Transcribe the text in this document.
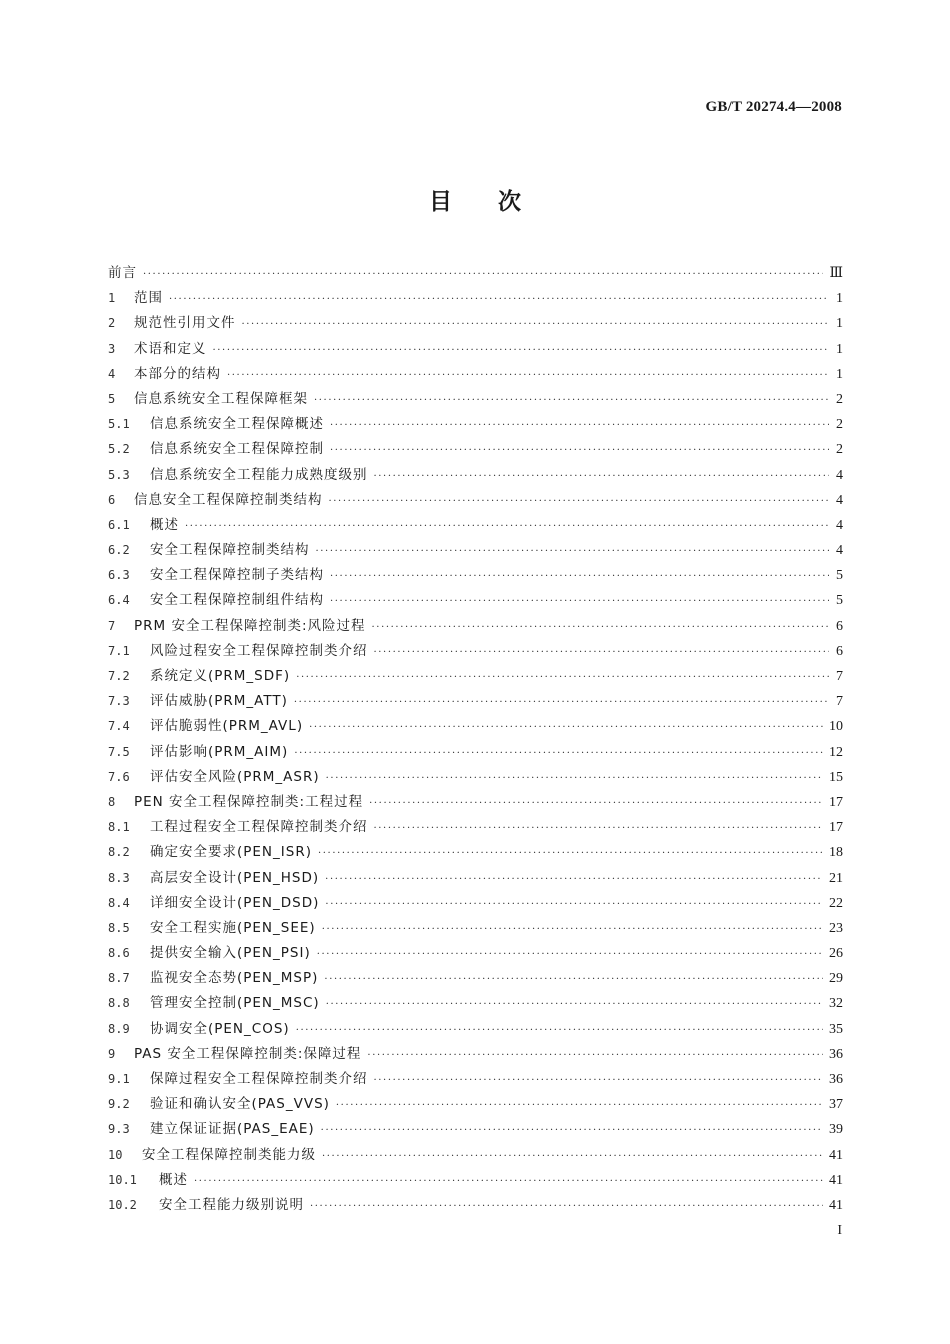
GB/T 20274.4—2008
目 次
前言 ·····	Ⅲ
1	范围 ·····	1
2	规范性引用文件 ·····	1
3	术语和定义 ·····	1
4	本部分的结构 ·····	1
5	信息系统安全工程保障框架 ·····	2
5.1	信息系统安全工程保障概述 ·····	2
5.2	信息系统安全工程保障控制 ·····	2
5.3	信息系统安全工程能力成熟度级别 ·····	4
6	信息安全工程保障控制类结构 ·····	4
6.1	概述 ·····	4
6.2	安全工程保障控制类结构 ·····	4
6.3	安全工程保障控制子类结构 ·····	5
6.4	安全工程保障控制组件结构 ·····	5
7	PRM 安全工程保障控制类:风险过程 ·····	6
7.1	风险过程安全工程保障控制类介绍 ·····	6
7.2	系统定义(PRM_SDF) ·····	7
7.3	评估威胁(PRM_ATT) ·····	7
7.4	评估脆弱性(PRM_AVL) ·····	10
7.5	评估影响(PRM_AIM) ·····	12
7.6	评估安全风险(PRM_ASR) ·····	15
8	PEN 安全工程保障控制类:工程过程 ·····	17
8.1	工程过程安全工程保障控制类介绍 ·····	17
8.2	确定安全要求(PEN_ISR) ·····	18
8.3	高层安全设计(PEN_HSD) ·····	21
8.4	详细安全设计(PEN_DSD) ·····	22
8.5	安全工程实施(PEN_SEE) ·····	23
8.6	提供安全输入(PEN_PSI) ·····	26
8.7	监视安全态势(PEN_MSP) ·····	29
8.8	管理安全控制(PEN_MSC) ·····	32
8.9	协调安全(PEN_COS) ·····	35
9	PAS 安全工程保障控制类:保障过程 ·····	36
9.1	保障过程安全工程保障控制类介绍 ·····	36
9.2	验证和确认安全(PAS_VVS) ·····	37
9.3	建立保证证据(PAS_EAE) ·····	39
10	安全工程保障控制类能力级 ·····	41
10.1	概述 ·····	41
10.2	安全工程能力级别说明 ·····	41
I
